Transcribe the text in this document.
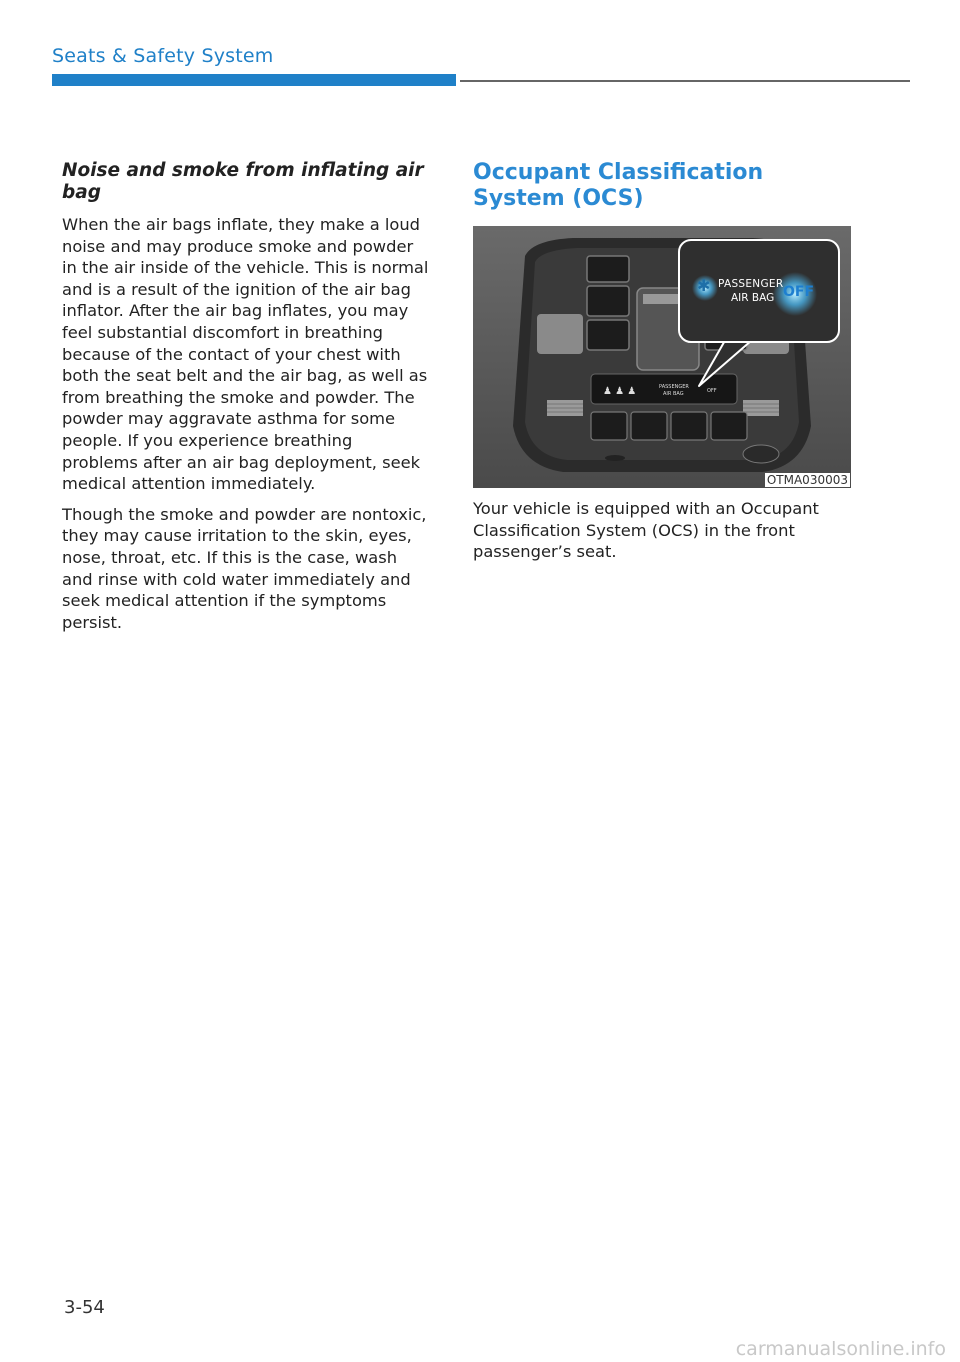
Seats & Safety System
Noise and smoke from inflating air bag

When the air bags inflate, they make a loud noise and may produce smoke and powder in the air inside of the vehicle. This is normal and is a result of the ignition of the air bag inflator. After the air bag inflates, you may feel substantial discomfort in breathing because of the contact of your chest with both the seat belt and the air bag, as well as from breathing the smoke and powder. The powder may aggravate asthma for some people. If you experience breathing problems after an air bag deployment, seek medical attention immediately.

Though the smoke and powder are nontoxic, they may cause irritation to the skin, eyes, nose, throat, etc. If this is the case, wash and rinse with cold water immediately and seek medical attention if the symptoms persist.

Occupant Classification System (OCS)
♟ ♟ ♟	PASSENGER
AIR BAG	OFF
✱ PASSENGER
AIR BAG OFF
OTMA030003

Your vehicle is equipped with an Occupant Classification System (OCS) in the front passenger’s seat.

3-54
carmanualsonline.info
